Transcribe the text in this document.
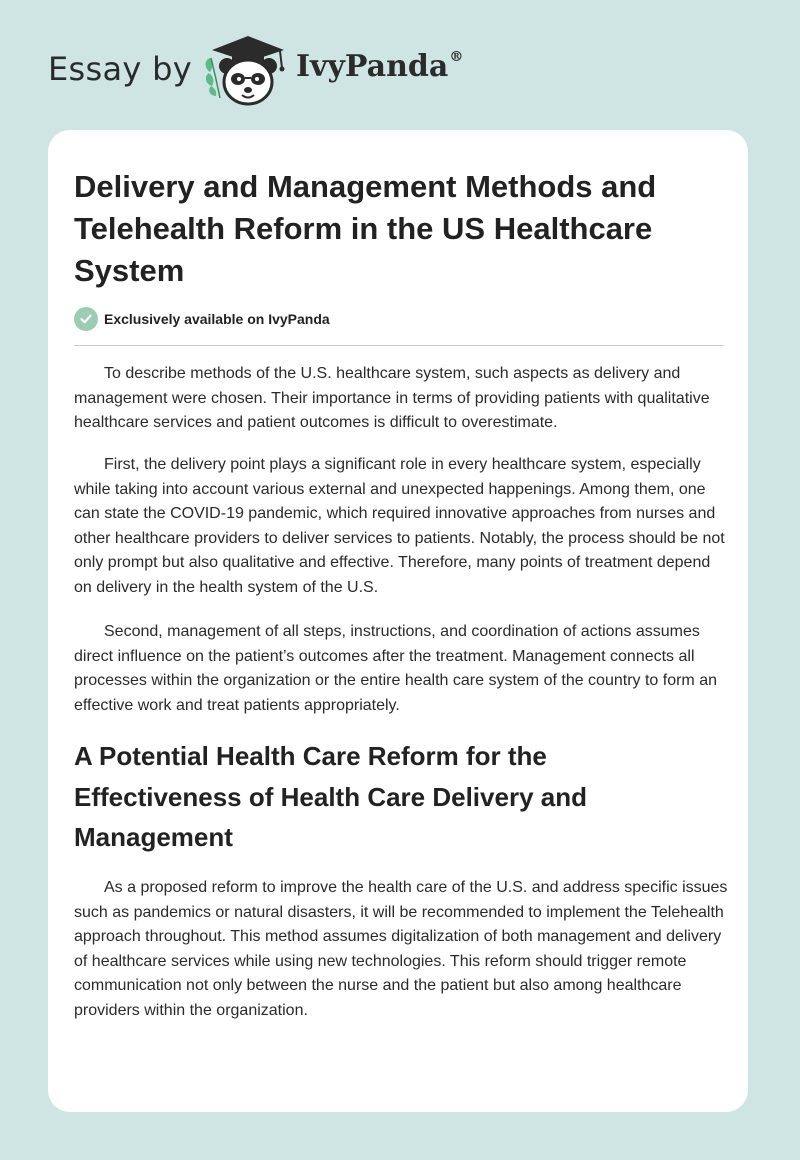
Essay by	IvyPanda®
Delivery and Management Methods and Telehealth Reform in the US Healthcare System
Exclusively available on IvyPanda

To describe methods of the U.S. healthcare system, such aspects as delivery and management were chosen. Their importance in terms of providing patients with qualitative healthcare services and patient outcomes is difficult to overestimate.

First, the delivery point plays a significant role in every healthcare system, especially while taking into account various external and unexpected happenings. Among them, one can state the COVID-19 pandemic, which required innovative approaches from nurses and other healthcare providers to deliver services to patients. Notably, the process should be not only prompt but also qualitative and effective. Therefore, many points of treatment depend on delivery in the health system of the U.S.

Second, management of all steps, instructions, and coordination of actions assumes direct influence on the patient’s outcomes after the treatment. Management connects all processes within the organization or the entire health care system of the country to form an effective work and treat patients appropriately.

A Potential Health Care Reform for the Effectiveness of Health Care Delivery and Management

As a proposed reform to improve the health care of the U.S. and address specific issues such as pandemics or natural disasters, it will be recommended to implement the Telehealth approach throughout. This method assumes digitalization of both management and delivery of healthcare services while using new technologies. This reform should trigger remote communication not only between the nurse and the patient but also among healthcare providers within the organization.
